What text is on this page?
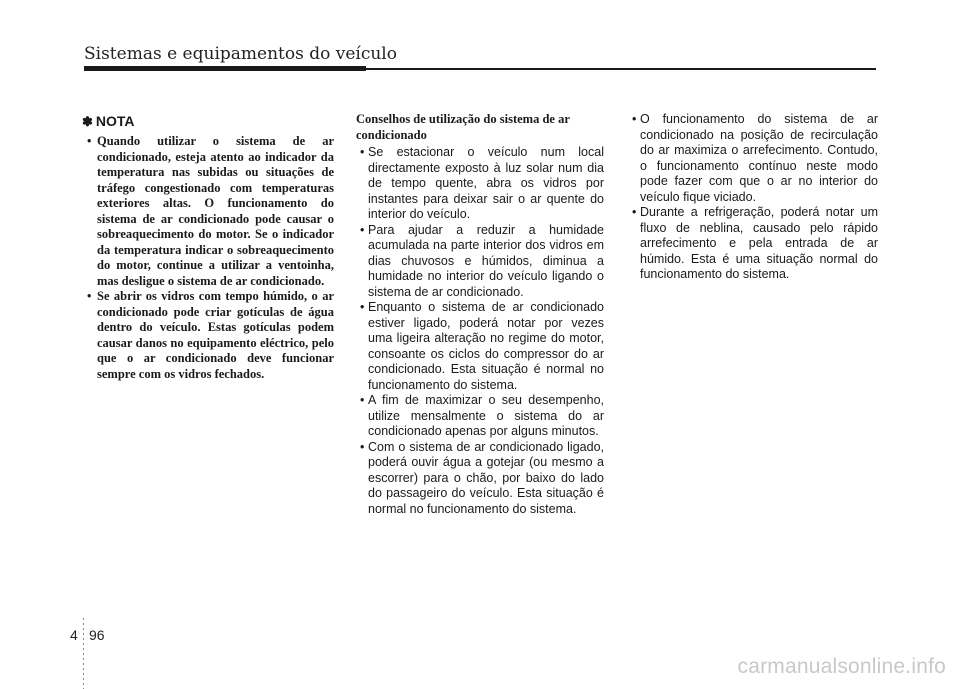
Sistemas e equipamentos do veículo
✽ NOTA
• Quando utilizar o sistema de ar condicionado, esteja atento ao indicador da temperatura nas subidas ou situações de tráfego congestionado com temperaturas exteriores altas. O funcionamento do sistema de ar condicionado pode causar o sobreaquecimento do motor. Se o indicador da temperatura indicar o sobreaquecimento do motor, continue a utilizar a ventoinha, mas desligue o sistema de ar condicionado.
• Se abrir os vidros com tempo húmido, o ar condicionado pode criar gotículas de água dentro do veículo. Estas gotículas podem causar danos no equipamento eléctrico, pelo que o ar condicionado deve funcionar sempre com os vidros fechados.
Conselhos de utilização do sistema de ar condicionado
• Se estacionar o veículo num local directamente exposto à luz solar num dia de tempo quente, abra os vidros por instantes para deixar sair o ar quente do interior do veículo.
• Para ajudar a reduzir a humidade acumulada na parte interior dos vidros em dias chuvosos e húmidos, diminua a humidade no interior do veículo ligando o sistema de ar condicionado.
• Enquanto o sistema de ar condicionado estiver ligado, poderá notar por vezes uma ligeira alteração no regime do motor, consoante os ciclos do compressor do ar condicionado. Esta situação é normal no funcionamento do sistema.
• A fim de maximizar o seu desempenho, utilize mensalmente o sistema do ar condicionado apenas por alguns minutos.
• Com o sistema de ar condicionado ligado, poderá ouvir água a gotejar (ou mesmo a escorrer) para o chão, por baixo do lado do passageiro do veículo. Esta situação é normal no funcionamento do sistema.
• O funcionamento do sistema de ar condicionado na posição de recirculação do ar maximiza o arrefecimento. Contudo, o funcionamento contínuo neste modo pode fazer com que o ar no interior do veículo fique viciado.
• Durante a refrigeração, poderá notar um fluxo de neblina, causado pelo rápido arrefecimento e pela entrada de ar húmido. Esta é uma situação normal do funcionamento do sistema.
4 96
carmanualsonline.info
